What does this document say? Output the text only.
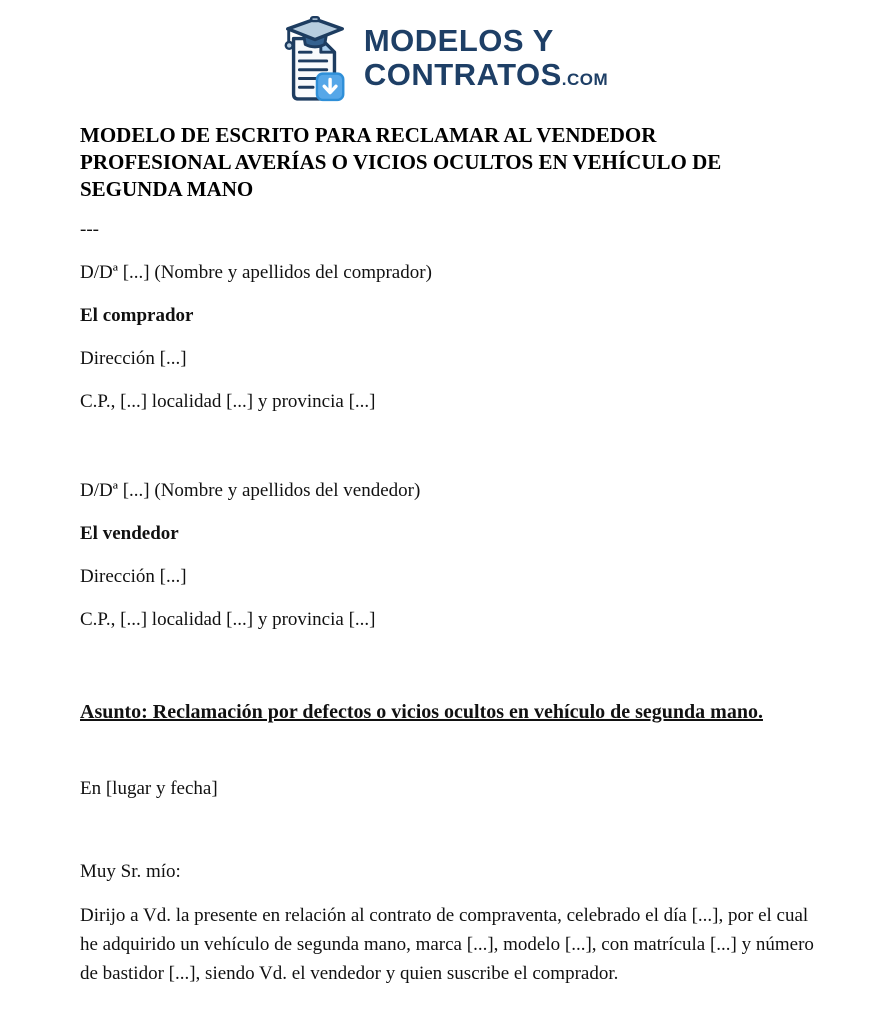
MODELOS Y
CONTRATOS.COM
MODELO DE ESCRITO PARA RECLAMAR AL VENDEDOR PROFESIONAL AVERÍAS O VICIOS OCULTOS EN VEHÍCULO DE SEGUNDA MANO

---

D/Dª [...] (Nombre y apellidos del comprador)

El comprador

Dirección [...]

C.P., [...] localidad [...] y provincia [...]

D/Dª [...] (Nombre y apellidos del vendedor)

El vendedor

Dirección [...]

C.P., [...] localidad [...] y provincia [...]

Asunto: Reclamación por defectos o vicios ocultos en vehículo de segunda mano.

En [lugar y fecha]

Muy Sr. mío:

Dirijo a Vd. la presente en relación al contrato de compraventa, celebrado el día [...], por el cual he adquirido un vehículo de segunda mano, marca [...], modelo [...], con matrícula [...] y número de bastidor [...], siendo Vd. el vendedor y quien suscribe el comprador.
